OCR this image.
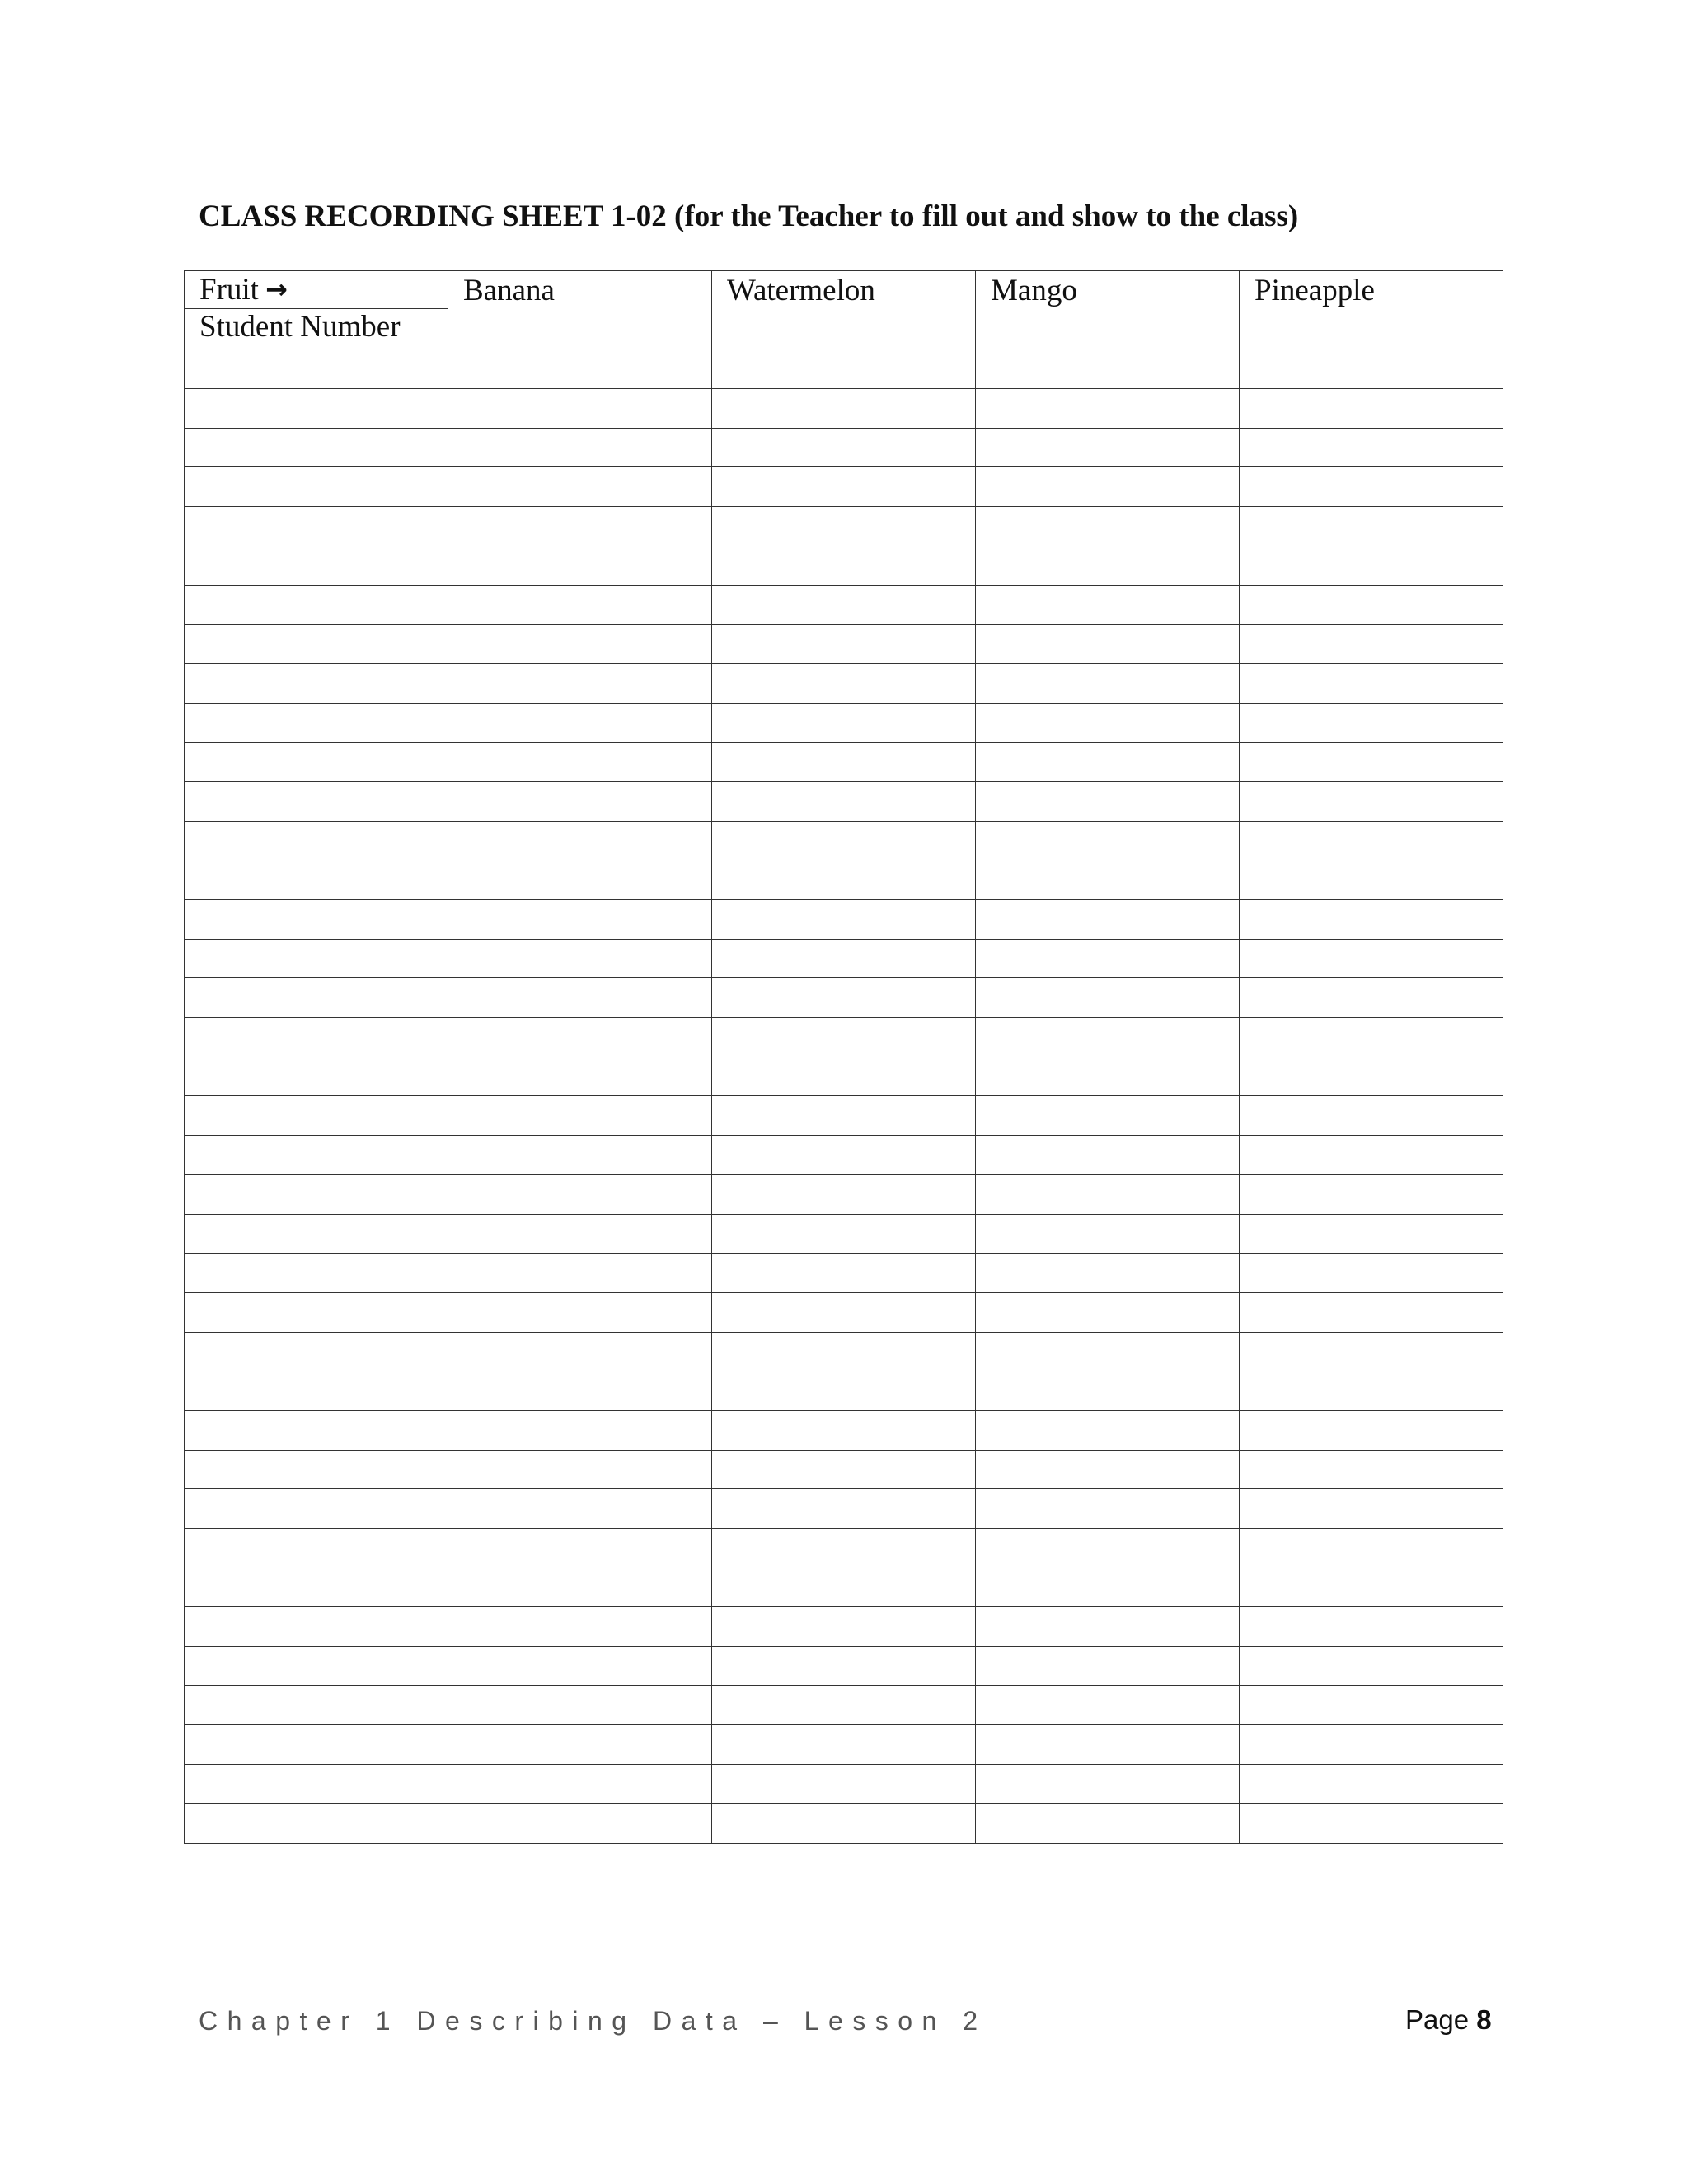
CLASS RECORDING SHEET 1-02 (for the Teacher to fill out and show to the class)
Fruit →
Student Number	Banana	Watermelon	Mango	Pineapple

Chapter 1 Describing Data – Lesson 2	Page 8
